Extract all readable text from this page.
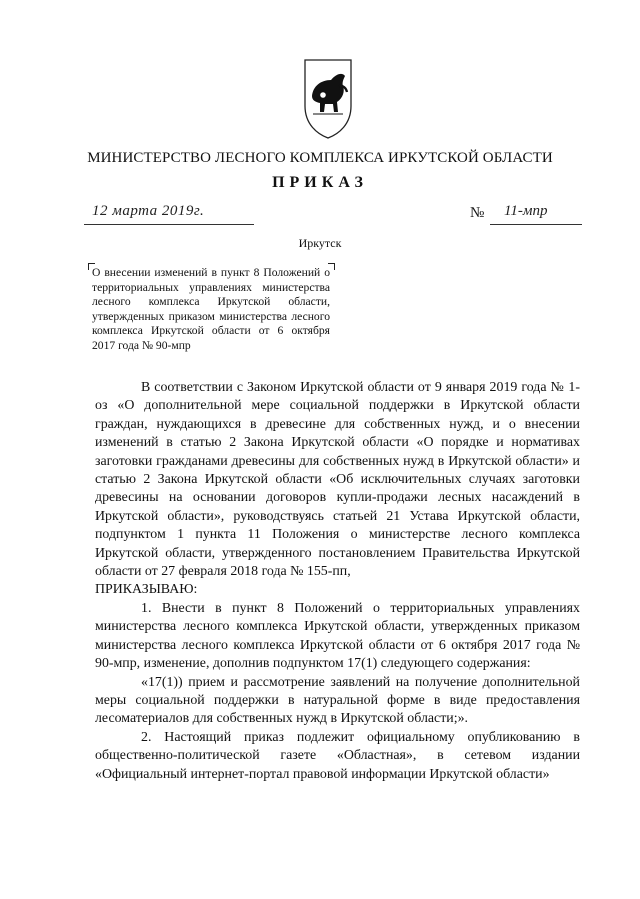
МИНИСТЕРСТВО ЛЕСНОГО КОМПЛЕКСА ИРКУТСКОЙ ОБЛАСТИ
ПРИКАЗ
12 марта 2019г.	№ 11-мпр
Иркутск
О внесении изменений в пункт 8 Положений о территориальных управлениях министерства лесного комплекса Иркутской области, утвержденных приказом министерства лесного комплекса Иркутской области от 6 октября 2017 года № 90-мпр

В соответствии с Законом Иркутской области от 9 января 2019 года № 1-оз «О дополнительной мере социальной поддержки в Иркутской области граждан, нуждающихся в древесине для собственных нужд, и о внесении изменений в статью 2 Закона Иркутской области «О порядке и нормативах заготовки гражданами древесины для собственных нужд в Иркутской области» и статью 2 Закона Иркутской области «Об исключительных случаях заготовки древесины на основании договоров купли-продажи лесных насаждений в Иркутской области», руководствуясь статьей 21 Устава Иркутской области, подпунктом 1 пункта 11 Положения о министерстве лесного комплекса Иркутской области, утвержденного постановлением Правительства Иркутской области от 27 февраля 2018 года № 155-пп,

ПРИКАЗЫВАЮ:

1. Внести в пункт 8 Положений о территориальных управлениях министерства лесного комплекса Иркутской области, утвержденных приказом министерства лесного комплекса Иркутской области от 6 октября 2017 года № 90-мпр, изменение, дополнив подпунктом 17(1) следующего содержания:

«17(1)) прием и рассмотрение заявлений на получение дополнительной меры социальной поддержки в натуральной форме в виде предоставления лесоматериалов для собственных нужд в Иркутской области;».

2. Настоящий приказ подлежит официальному опубликованию в общественно-политической газете «Областная», в сетевом издании «Официальный интернет-портал правовой информации Иркутской области»
